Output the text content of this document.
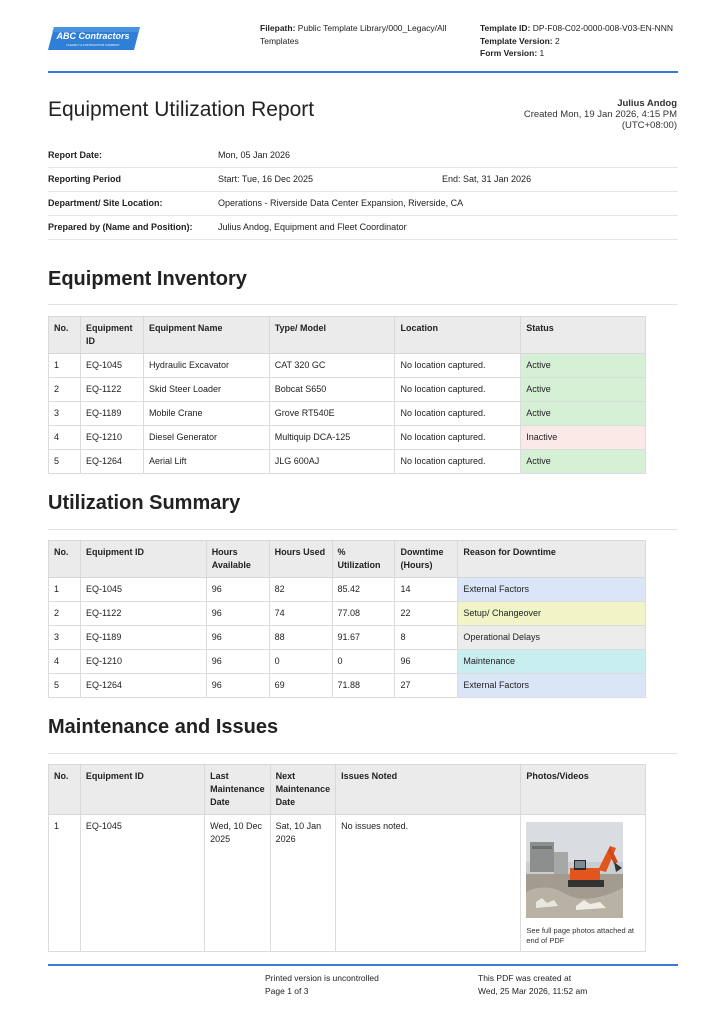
ABC Contractors
CLEARLY A CONTRACTOR COMPANY
Filepath: Public Template Library/000_Legacy/All Templates
Template ID: DP-F08-C02-0000-008-V03-EN-NNN
Template Version: 2
Form Version: 1
Equipment Utilization Report	Julius Andog
Created Mon, 19 Jan 2026, 4:15 PM
(UTC+08:00)
Report Date:	Mon, 05 Jan 2026
Reporting Period	Start: Tue, 16 Dec 2025	End: Sat, 31 Jan 2026
Department/ Site Location:	Operations - Riverside Data Center Expansion, Riverside, CA
Prepared by (Name and Position):	Julius Andog, Equipment and Fleet Coordinator
Equipment Inventory
No.	Equipment ID	Equipment Name	Type/ Model	Location	Status
1	EQ-1045	Hydraulic Excavator	CAT 320 GC	No location captured.	Active
2	EQ-1122	Skid Steer Loader	Bobcat S650	No location captured.	Active
3	EQ-1189	Mobile Crane	Grove RT540E	No location captured.	Active
4	EQ-1210	Diesel Generator	Multiquip DCA-125	No location captured.	Inactive
5	EQ-1264	Aerial Lift	JLG 600AJ	No location captured.	Active
Utilization Summary
No.	Equipment ID	Hours Available	Hours Used	% Utilization	Downtime (Hours)	Reason for Downtime
1	EQ-1045	96	82	85.42	14	External Factors
2	EQ-1122	96	74	77.08	22	Setup/ Changeover
3	EQ-1189	96	88	91.67	8	Operational Delays
4	EQ-1210	96	0	0	96	Maintenance
5	EQ-1264	96	69	71.88	27	External Factors
Maintenance and Issues
No.	Equipment ID	Last Maintenance Date	Next Maintenance Date	Issues Noted	Photos/Videos
1	EQ-1045	Wed, 10 Dec 2025	Sat, 10 Jan 2026	No issues noted.	See full page photos attached at end of PDF
Printed version is uncontrolled
Page 1 of 3
This PDF was created at
Wed, 25 Mar 2026, 11:52 am
